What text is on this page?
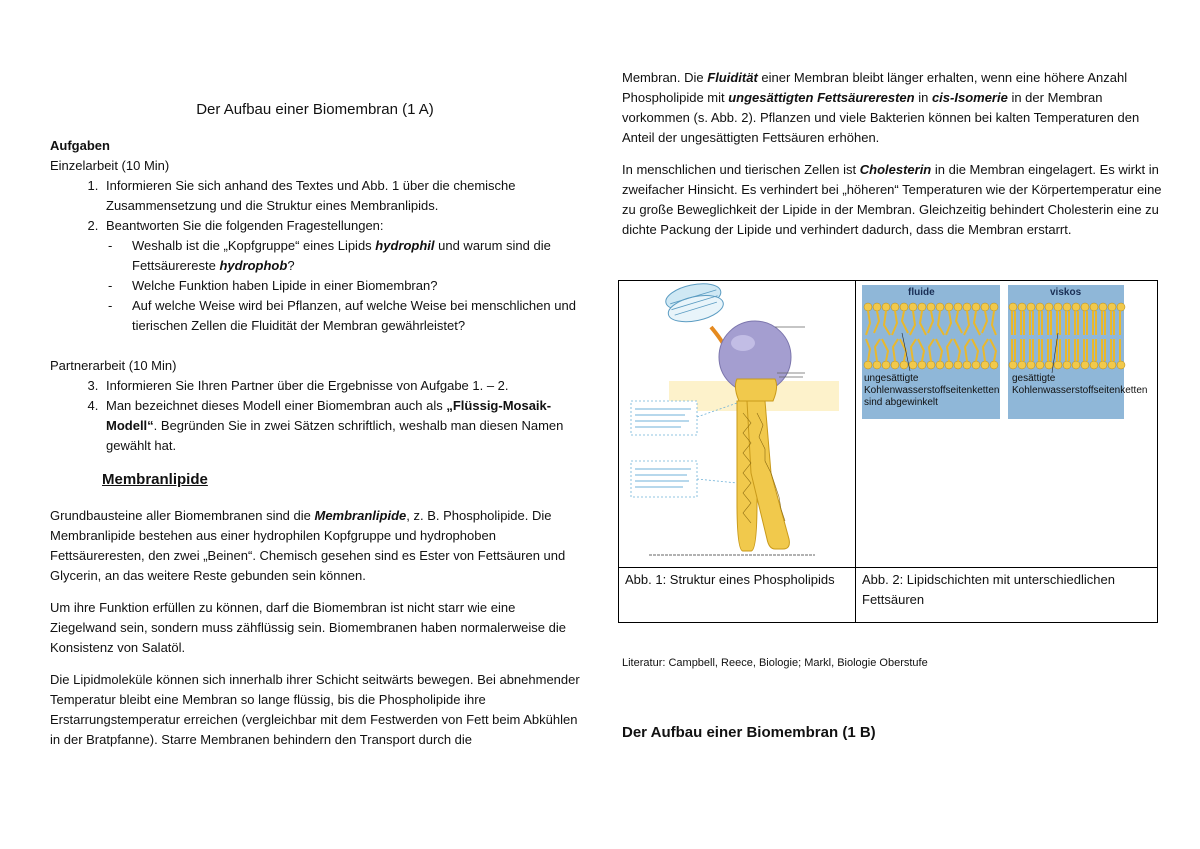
Der Aufbau einer Biomembran (1 A)
Aufgaben
Einzelarbeit (10 Min)
1. Informieren Sie sich anhand des Textes und Abb. 1 über die chemische Zusammensetzung und die Struktur eines Membranlipids.
2. Beantworten Sie die folgenden Fragestellungen:
- Weshalb ist die „Kopfgruppe“ eines Lipids hydrophil und warum sind die Fettsäurereste hydrophob?
- Welche Funktion haben Lipide in einer Biomembran?
- Auf welche Weise wird bei Pflanzen, auf welche Weise bei menschlichen und tierischen Zellen die Fluidität der Membran gewährleistet?
Partnerarbeit (10 Min)
3. Informieren Sie Ihren Partner über die Ergebnisse von Aufgabe 1. – 2.
4. Man bezeichnet dieses Modell einer Biomembran auch als „Flüssig-Mosaik-Modell“. Begründen Sie in zwei Sätzen schriftlich, weshalb man diesen Namen gewählt hat.
Membranlipide

Grundbausteine aller Biomembranen sind die Membranlipide, z. B. Phospholipide. Die Membranlipide bestehen aus einer hydrophilen Kopfgruppe und hydrophoben Fettsäureresten, den zwei „Beinen“. Chemisch gesehen sind es Ester von Fettsäuren und Glycerin, an das weitere Reste gebunden sein können.

Um ihre Funktion erfüllen zu können, darf die Biomembran ist nicht starr wie eine Ziegelwand sein, sondern muss zähflüssig sein. Biomembranen haben normalerweise die Konsistenz von Salatöl.

Die Lipidmoleküle können sich innerhalb ihrer Schicht seitwärts bewegen. Bei abnehmender Temperatur bleibt eine Membran so lange flüssig, bis die Phospholipide ihre Erstarrungstemperatur erreichen (vergleichbar mit dem Festwerden von Fett beim Abkühlen in der Bratpfanne). Starre Membranen behindern den Transport durch die

Membran. Die Fluidität einer Membran bleibt länger erhalten, wenn eine höhere Anzahl Phospholipide mit ungesättigten Fettsäureresten in cis-Isomerie in der Membran vorkommen (s. Abb. 2). Pflanzen und viele Bakterien können bei kalten Temperaturen den Anteil der ungesättigten Fettsäuren erhöhen.

In menschlichen und tierischen Zellen ist Cholesterin in die Membran eingelagert. Es wirkt in zweifacher Hinsicht. Es verhindert bei „höheren“ Temperaturen wie der Körpertemperatur eine zu große Beweglichkeit der Lipide in der Membran. Gleichzeitig behindert Cholesterin eine zu dichte Packung der Lipide und verhindert dadurch, dass die Membran erstarrt.

fluide
ungesättigte Kohlenwasserstoffseitenketten sind abgewinkelt
viskos
gesättigte Kohlenwasserstoffseitenketten

Abb. 1: Struktur eines Phospholipids	Abb. 2: Lipidschichten mit unterschiedlichen Fettsäuren
Literatur: Campbell, Reece, Biologie; Markl, Biologie Oberstufe
Der Aufbau einer Biomembran (1 B)
